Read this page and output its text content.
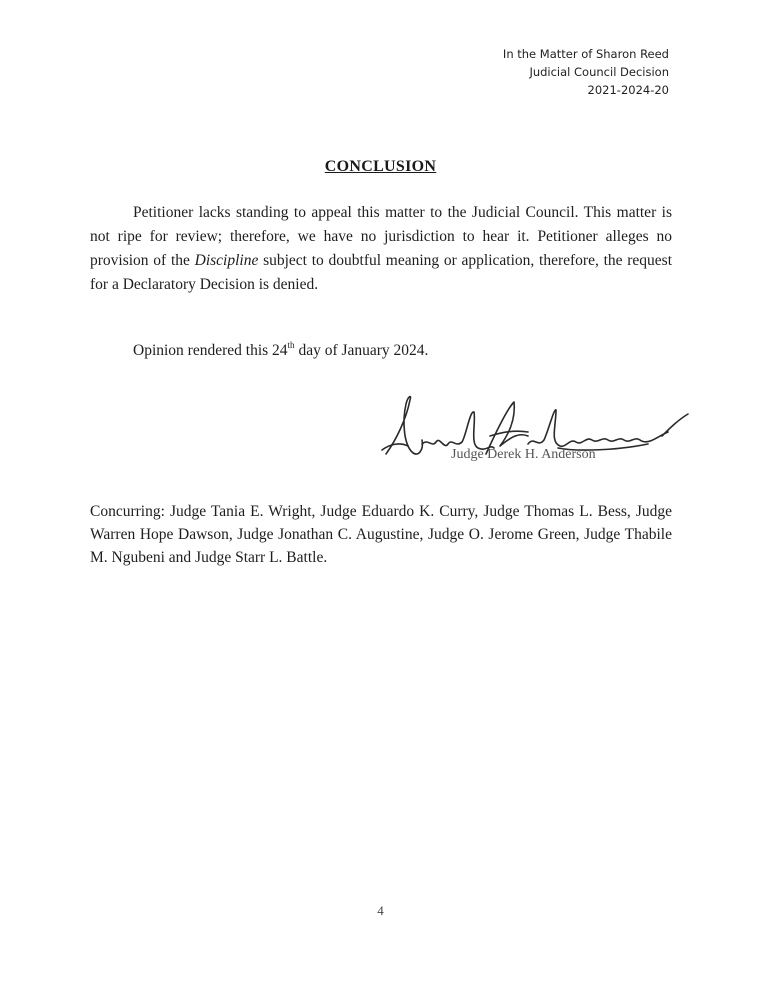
In the Matter of Sharon Reed
Judicial Council Decision
2021-2024-20
CONCLUSION

Petitioner lacks standing to appeal this matter to the Judicial Council. This matter is not ripe for review; therefore, we have no jurisdiction to hear it. Petitioner alleges no provision of the Discipline subject to doubtful meaning or application, therefore, the request for a Declaratory Decision is denied.

Opinion rendered this 24th day of January 2024.
Judge Derek H. Anderson

Concurring: Judge Tania E. Wright, Judge Eduardo K. Curry, Judge Thomas L. Bess, Judge Warren Hope Dawson, Judge Jonathan C. Augustine, Judge O. Jerome Green, Judge Thabile M. Ngubeni and Judge Starr L. Battle.

4
